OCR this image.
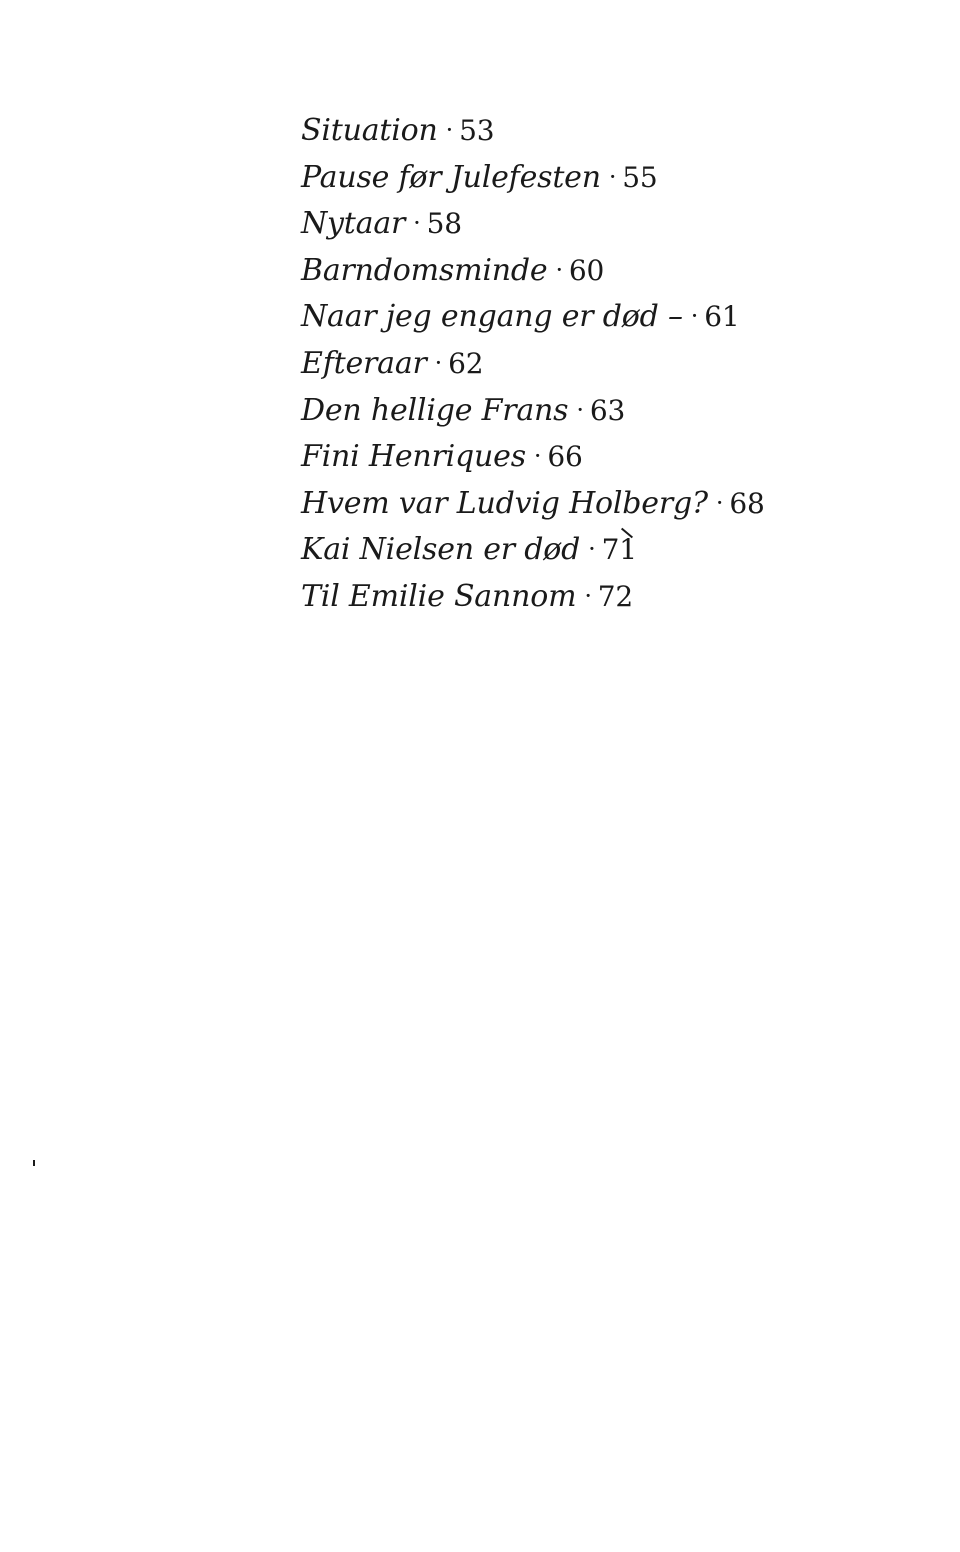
Situation · 53
Pause før Julefesten · 55
Nytaar · 58
Barndomsminde · 60
Naar jeg engang er død – · 61
Efteraar · 62
Den hellige Frans · 63
Fini Henriques · 66
Hvem var Ludvig Holberg? · 68
Kai Nielsen er død · 71
Til Emilie Sannom · 72
